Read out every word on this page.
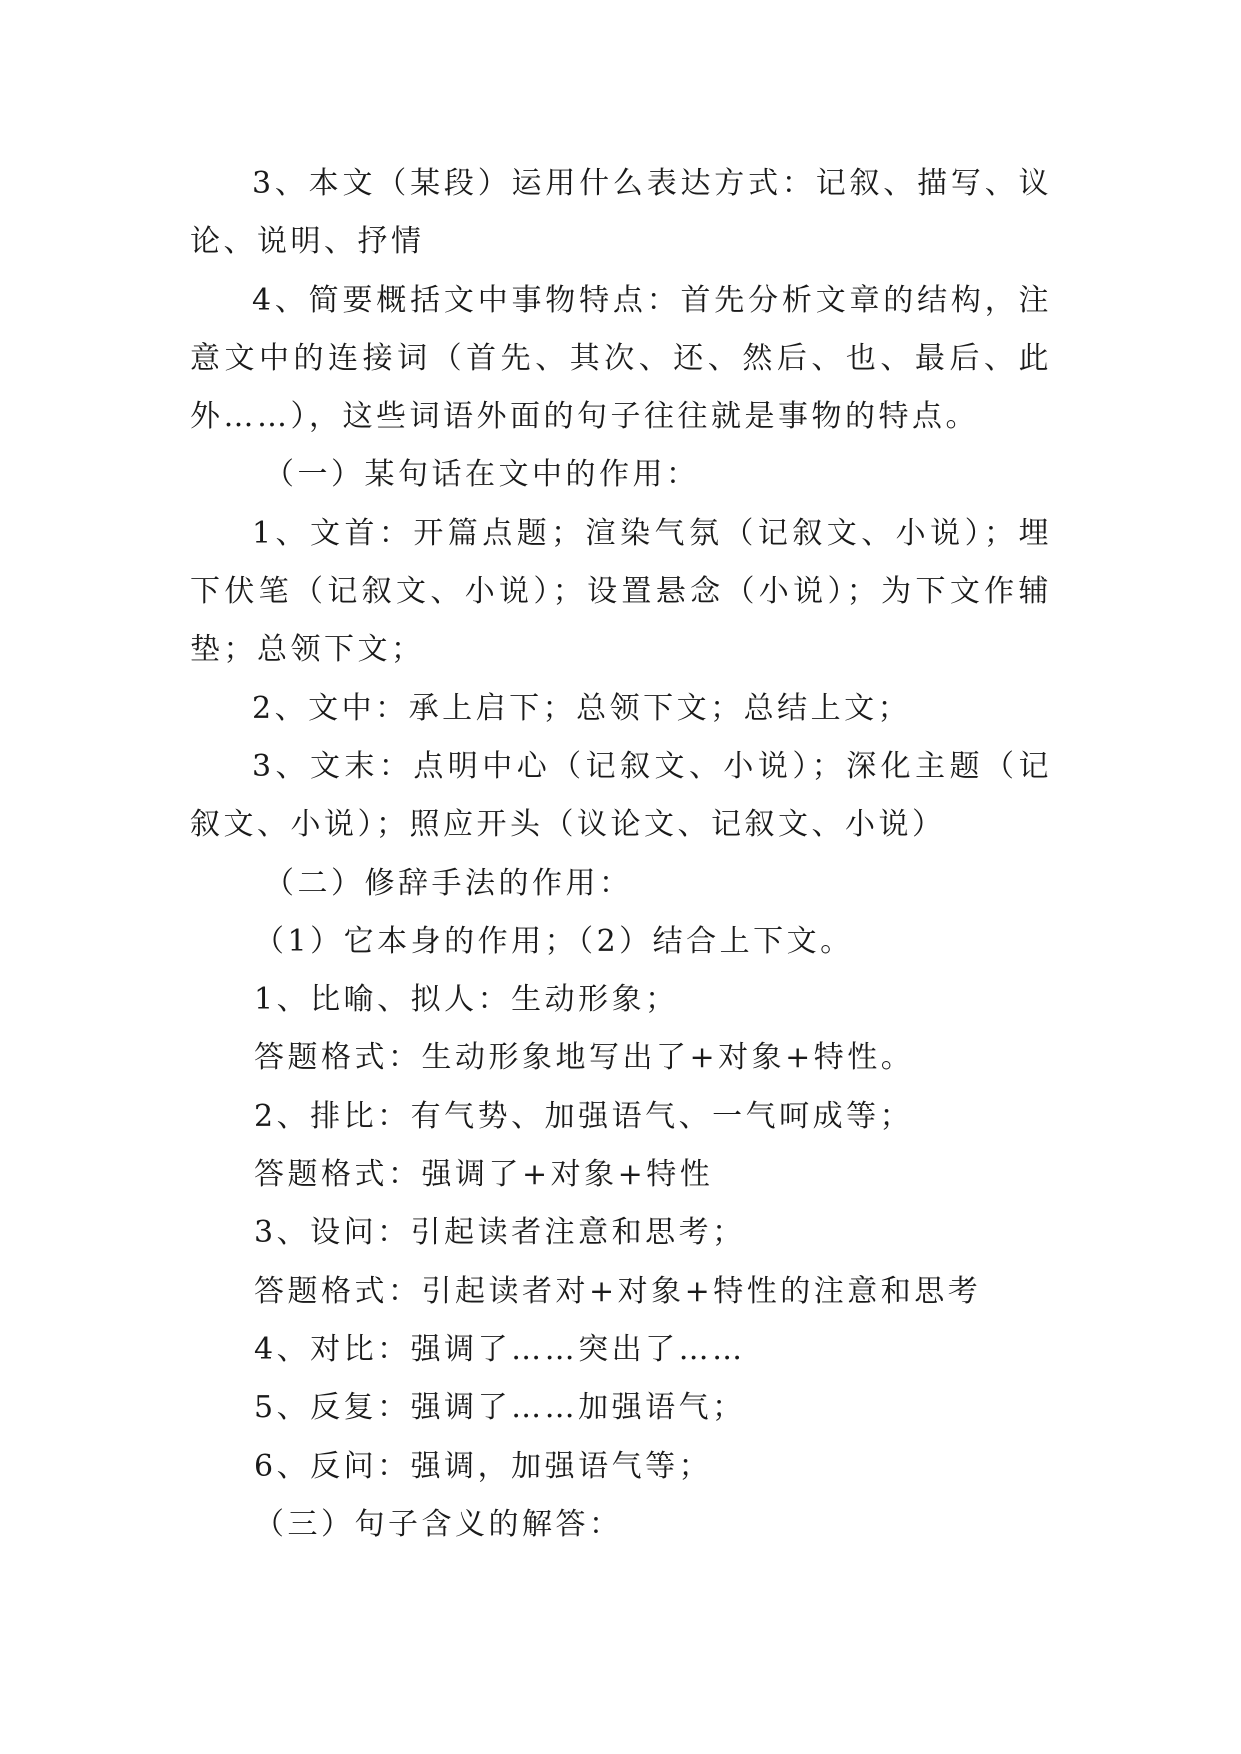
3、本文（某段）运用什么表达方式：记叙、描写、议论、说明、抒情

4、简要概括文中事物特点：首先分析文章的结构，注意文中的连接词（首先、其次、还、然后、也、最后、此外……），这些词语外面的句子往往就是事物的特点。

（一）某句话在文中的作用：

1、文首：开篇点题；渲染气氛（记叙文、小说）；埋下伏笔（记叙文、小说）；设置悬念（小说）；为下文作辅垫；总领下文；

2、文中：承上启下；总领下文；总结上文；

3、文末：点明中心（记叙文、小说）；深化主题（记叙文、小说）；照应开头（议论文、记叙文、小说）

（二）修辞手法的作用：

（1）它本身的作用；（2）结合上下文。

1、比喻、拟人：生动形象；

答题格式：生动形象地写出了+对象+特性。

2、排比：有气势、加强语气、一气呵成等；

答题格式：强调了+对象+特性

3、设问：引起读者注意和思考；

答题格式：引起读者对+对象+特性的注意和思考

4、对比：强调了……突出了……

5、反复：强调了……加强语气；

6、反问：强调，加强语气等；

（三）句子含义的解答：
